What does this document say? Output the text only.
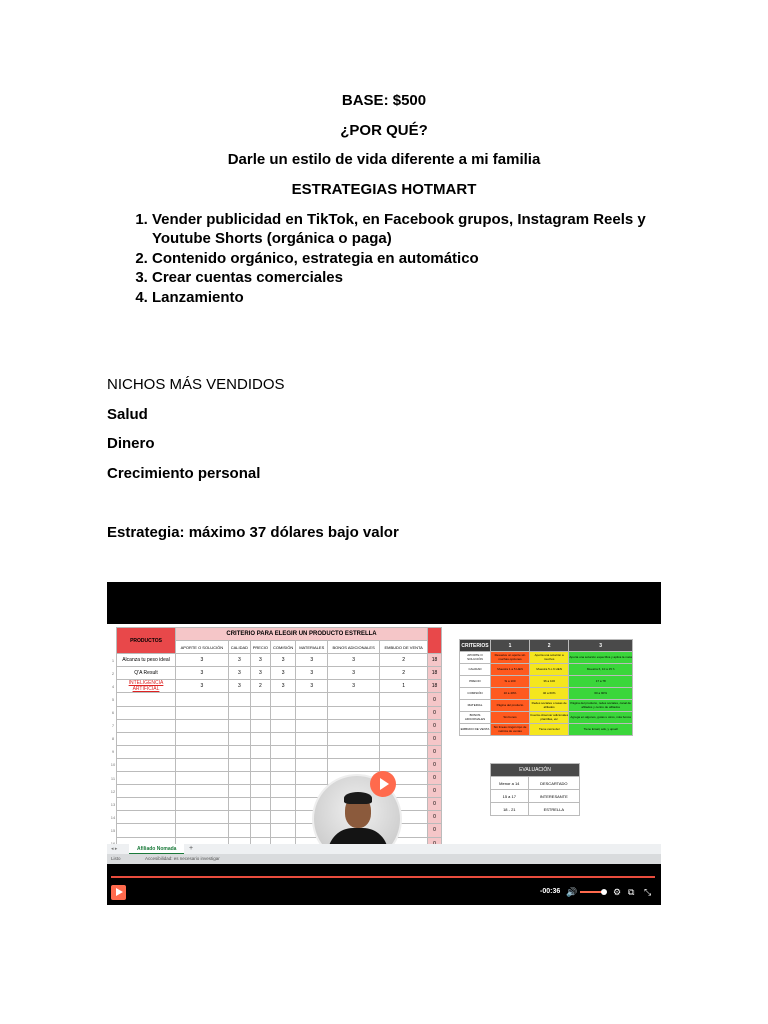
BASE: $500
¿POR QUÉ?
Darle un estilo de vida diferente a mi familia
ESTRATEGIAS HOTMART
1. Vender publicidad en TikTok, en Facebook grupos, Instagram Reels y Youtube Shorts (orgánica o paga)
2. Contenido orgánico, estrategia en automático
3. Crear cuentas comerciales
4. Lanzamiento
NICHOS MÁS VENDIDOS
Salud
Dinero
Crecimiento personal
Estrategia: máximo 37 dólares bajo valor
	PRODUCTOS	CRITERIO PARA ELEGIR UN PRODUCTO ESTRELLA							
		APORTE O SOLUCIÓN	CALIDAD	PRECIO	COMISIÓN	MATERIALES	BONOS ADICIONALES	EMBUDO DE VENTA	
1	Alcanza tu peso ideal	3	3	3	3	3	3	2	18
2	Q'A Result	3	3	3	3	3	3	2	18
4	INTELIGENCIA ARTIFICIAL	3	3	2	3	3	3	1	18
5									0
6									0
7									0
8									0
9									0
10									0
11									0
12									0
13									0
14									0
15									0

CRITERIOS	1	2	3
APORTE O SOLUCIÓN	Resuelve un aporte sin muchas opciones	Aporta una solución a muchos	Aporta una solución específica y aplica la meta
CALIDAD	Muestra 1 a 5 HEN	Muestra 5 o 6 HEN	Muestra 6, 10 a 15 h
PRECIO	Si a 100	36 a 100	17 a 78
COMISIÓN	10 a 40%	40 a 60%	60 a 90%
MATERIAL	Página del producto	Redes sociales o tasas de afiliados	Página del producto, redes sociales, canal de afiliados y centro de afiliados
BONOS ADICIONALES	Sin bonos	Cuenta observar adicionales plantillas, etc	Agrega en algunos, guías u otros, más bonos
EMBUDO DE VENTA	Sin líneas ningún tipo de métrica de ventas	Tiene cerca del	Tiene Email, ads, y upsell
EVALUACIÓN	
Menor a 14	DESCARTADO
15 a 17	INTERESANTE
18 - 21	ESTRELLA
◂ ▸	Afiliado Nomada	+
Listo	Accesibilidad: es necesario investigar
-00:36 🔊	⚙ ⧉ ⤡
